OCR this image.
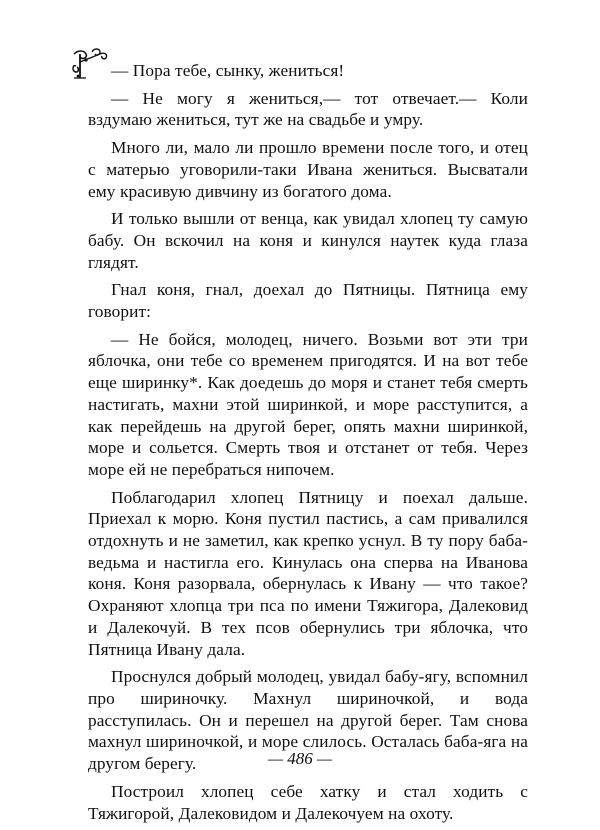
— Пора тебе, сынку, жениться!

— Не могу я жениться,— тот отвечает.— Коли вздумаю жениться, тут же на свадьбе и умру.

Много ли, мало ли прошло времени после того, и отец с матерью уговорили-таки Ивана жениться. Высватали ему красивую дивчину из богатого дома.

И только вышли от венца, как увидал хлопец ту самую бабу. Он вскочил на коня и кинулся наутек куда глаза глядят.

Гнал коня, гнал, доехал до Пятницы. Пятница ему говорит:

— Не бойся, молодец, ничего. Возьми вот эти три яблочка, они тебе со временем пригодятся. И на вот тебе еще ширинку*. Как доедешь до моря и станет тебя смерть настигать, махни этой ширинкой, и море расступится, а как перейдешь на другой берег, опять махни ширинкой, море и сольется. Смерть твоя и отстанет от тебя. Через море ей не перебраться нипочем.

Поблагодарил хлопец Пятницу и поехал дальше. Приехал к морю. Коня пустил пастись, а сам привалился отдохнуть и не заметил, как крепко уснул. В ту пору баба-ведьма и настигла его. Кинулась она сперва на Иванова коня. Коня разорвала, обернулась к Ивану — что такое? Охраняют хлопца три пса по имени Тяжигора, Далековид и Далекочуй. В тех псов обернулись три яблочка, что Пятница Ивану дала.

Проснулся добрый молодец, увидал бабу-ягу, вспомнил про шириночку. Махнул шириночкой, и вода расступилась. Он и перешел на другой берег. Там снова махнул шириночкой, и море слилось. Осталась баба-яга на другом берегу.

Построил хлопец себе хатку и стал ходить с Тяжигорой, Далековидом и Далекочуем на охоту.

— 486 —
